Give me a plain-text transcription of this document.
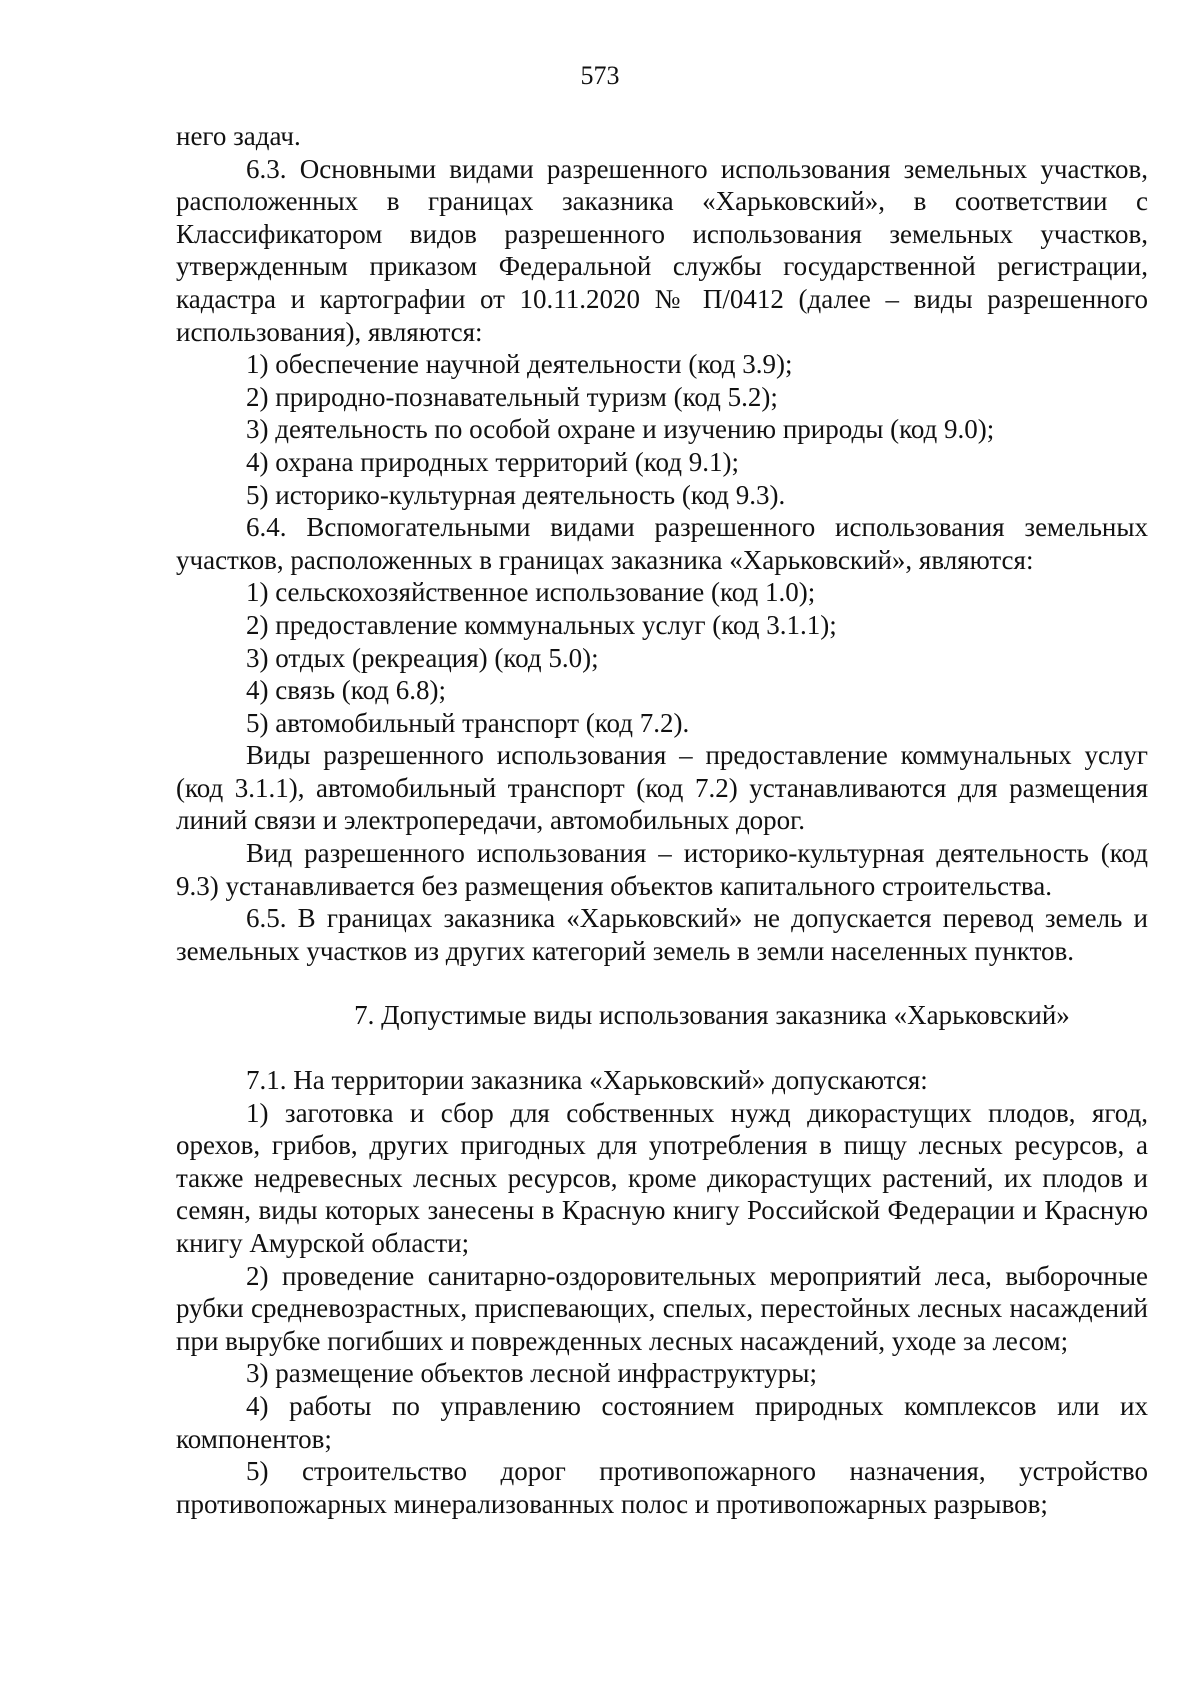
573

него задач.

6.3. Основными видами разрешенного использования земельных участков, расположенных в границах заказника «Харьковский», в соответствии с Классификатором видов разрешенного использования земельных участков, утвержденным приказом Федеральной службы государственной регистрации, кадастра и картографии от 10.11.2020 № П/0412 (далее – виды разрешенного использования), являются:

1) обеспечение научной деятельности (код 3.9);

2) природно-познавательный туризм (код 5.2);

3) деятельность по особой охране и изучению природы (код 9.0);

4) охрана природных территорий (код 9.1);

5) историко-культурная деятельность (код 9.3).

6.4. Вспомогательными видами разрешенного использования земельных участков, расположенных в границах заказника «Харьковский», являются:

1) сельскохозяйственное использование (код 1.0);

2) предоставление коммунальных услуг (код 3.1.1);

3) отдых (рекреация) (код 5.0);

4) связь (код 6.8);

5) автомобильный транспорт (код 7.2).

Виды разрешенного использования – предоставление коммунальных услуг (код 3.1.1), автомобильный транспорт (код 7.2) устанавливаются для размещения линий связи и электропередачи, автомобильных дорог.

Вид разрешенного использования – историко-культурная деятельность (код 9.3) устанавливается без размещения объектов капитального строительства.

6.5. В границах заказника «Харьковский» не допускается перевод земель и земельных участков из других категорий земель в земли населенных пунктов.

7. Допустимые виды использования заказника «Харьковский»

7.1. На территории заказника «Харьковский» допускаются:

1) заготовка и сбор для собственных нужд дикорастущих плодов, ягод, орехов, грибов, других пригодных для употребления в пищу лесных ресурсов, а также недревесных лесных ресурсов, кроме дикорастущих растений, их плодов и семян, виды которых занесены в Красную книгу Российской Федерации и Красную книгу Амурской области;

2) проведение санитарно-оздоровительных мероприятий леса, выборочные рубки средневозрастных, приспевающих, спелых, перестойных лесных насаждений при вырубке погибших и поврежденных лесных насаждений, уходе за лесом;

3) размещение объектов лесной инфраструктуры;

4) работы по управлению состоянием природных комплексов или их компонентов;

5) строительство дорог противопожарного назначения, устройство противопожарных минерализованных полос и противопожарных разрывов;
